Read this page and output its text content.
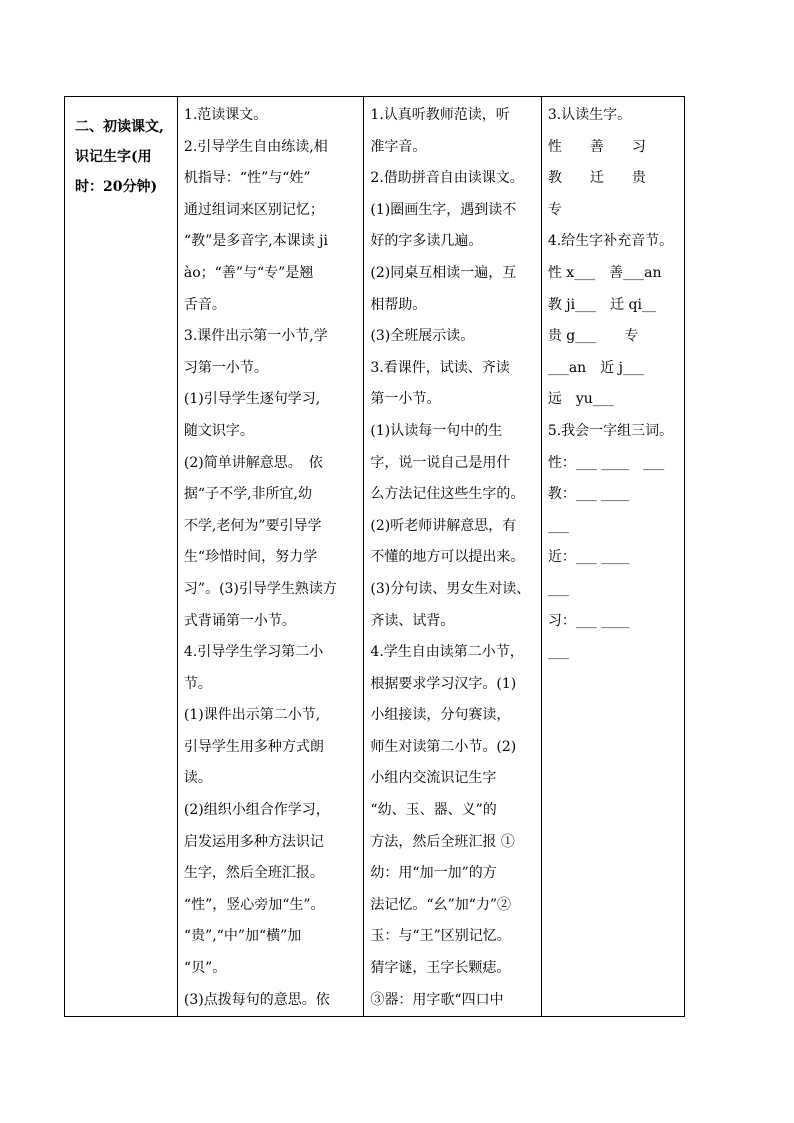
二、初读课文,识记生字(用时：20分钟)

1.范读课文。
2.引导学生自由练读,相
机指导：“性”与“姓”
通过组词来区别记忆；
“教”是多音字,本课读 ji
ào；“善”与“专”是翘
舌音。
3.课件出示第一小节,学
习第一小节。
(1)引导学生逐句学习,
随文识字。
(2)简单讲解意思。　依
据“子不学,非所宜,幼
不学,老何为”要引导学
生“珍惜时间，努力学
习”。(3)引导学生熟读方
式背诵第一小节。
4.引导学生学习第二小
节。
(1)课件出示第二小节,
引导学生用多种方式朗
读。
(2)组织小组合作学习，
启发运用多种方法识记
生字，然后全班汇报。
“性”，竖心旁加“生”。
“贵”,“中”加“横”加
“贝”。
(3)点拨每句的意思。依

1.认真听教师范读，听
准字音。
2.借助拼音自由读课文。
(1)圈画生字，遇到读不
好的字多读几遍。
(2)同桌互相读一遍，互
相帮助。
(3)全班展示读。
3.看课件，试读、齐读
第一小节。
(1)认读每一句中的生
字，说一说自己是用什
么方法记住这些生字的。
(2)听老师讲解意思，有
不懂的地方可以提出来。
(3)分句读、男女生对读、
齐读、试背。
4.学生自由读第二小节，
根据要求学习汉字。(1)
小组接读，分句赛读，
师生对读第二小节。(2)
小组内交流识记生字
“幼、玉、器、义”的
方法，然后全班汇报 ①
幼：用“加一加”的方
法记忆。“幺”加“力”②
玉：与“王”区别记忆。
猜字谜，王字长颗痣。
③器：用字歌“四口中

3.认读生字。
性　　善　　习
教　　迁　　贵
专
4.给生字补充音节。
性 x___　善___an
教 ji___　迁 qi__
贵 g___　　专
___an　近 j___
远　yu___
5.我会一字组三词。
性：___ ____　___
教：___ ____
___
近：___ ____
___
习：___ ____
___
